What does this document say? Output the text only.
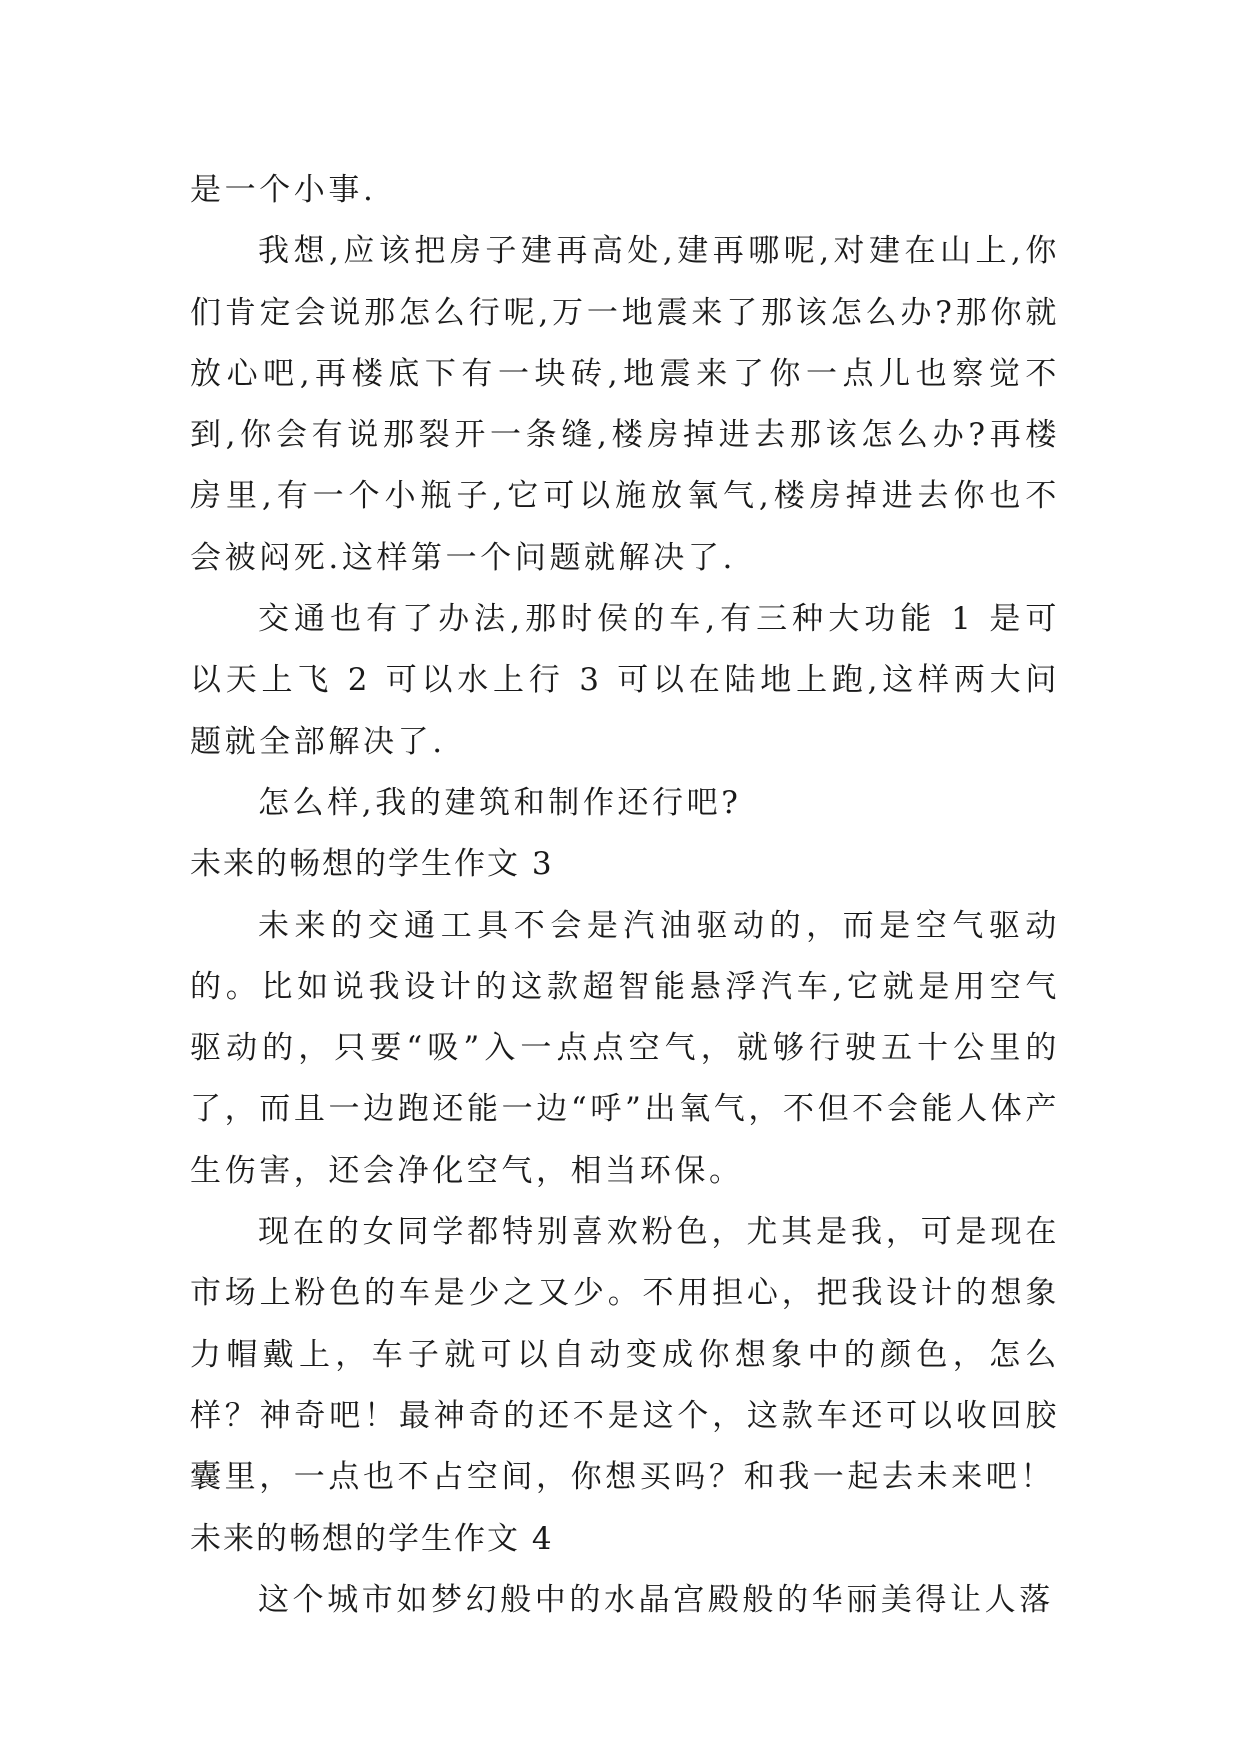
是一个小事.

我想,应该把房子建再高处,建再哪呢,对建在山上,你们肯定会说那怎么行呢,万一地震来了那该怎么办?那你就放心吧,再楼底下有一块砖,地震来了你一点儿也察觉不到,你会有说那裂开一条缝,楼房掉进去那该怎么办?再楼房里,有一个小瓶子,它可以施放氧气,楼房掉进去你也不会被闷死.这样第一个问题就解决了.

交通也有了办法,那时侯的车,有三种大功能 1 是可以天上飞 2 可以水上行 3 可以在陆地上跑,这样两大问题就全部解决了.

怎么样,我的建筑和制作还行吧?

未来的畅想的学生作文 3

未来的交通工具不会是汽油驱动的，而是空气驱动的。比如说我设计的这款超智能悬浮汽车,它就是用空气驱动的，只要“吸”入一点点空气，就够行驶五十公里的了，而且一边跑还能一边“呼”出氧气，不但不会能人体产生伤害，还会净化空气，相当环保。

现在的女同学都特别喜欢粉色，尤其是我，可是现在市场上粉色的车是少之又少。不用担心，把我设计的想象力帽戴上，车子就可以自动变成你想象中的颜色，怎么样？神奇吧！最神奇的还不是这个，这款车还可以收回胶囊里，一点也不占空间，你想买吗？和我一起去未来吧！

未来的畅想的学生作文 4

这个城市如梦幻般中的水晶宫殿般的华丽美得让人落
